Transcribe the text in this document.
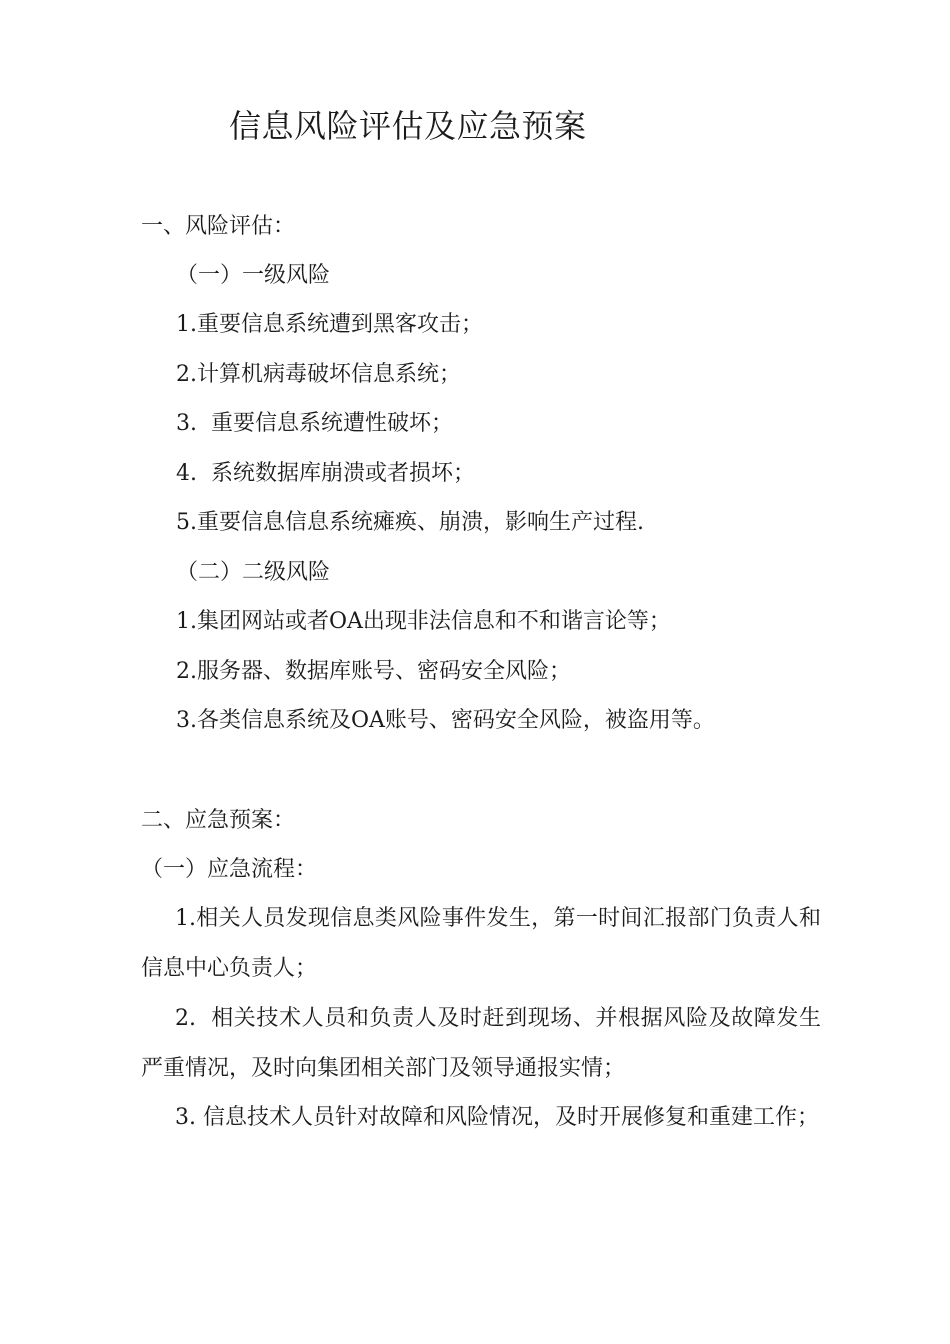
信息风险评估及应急预案
一、风险评估：
（一）一级风险
1.重要信息系统遭到黑客攻击；
2.计算机病毒破坏信息系统；
3.  重要信息系统遭性破坏；
4.  系统数据库崩溃或者损坏；
5.重要信息信息系统瘫痪、崩溃，影响生产过程.
（二）二级风险
1.集团网站或者OA出现非法信息和不和谐言论等；
2.服务器、数据库账号、密码安全风险；
3.各类信息系统及OA账号、密码安全风险，被盗用等。
二、应急预案：
（一）应急流程：
1.相关人员发现信息类风险事件发生，第一时间汇报部门负责人和信息中心负责人；
2.  相关技术人员和负责人及时赶到现场、并根据风险及故障发生严重情况，及时向集团相关部门及领导通报实情；
3. 信息技术人员针对故障和风险情况，及时开展修复和重建工作；
